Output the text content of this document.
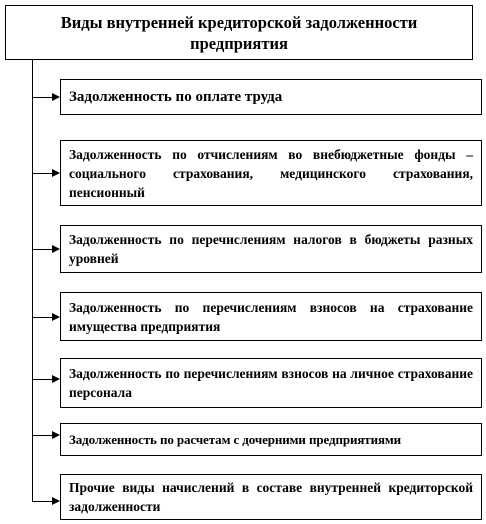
Виды внутренней кредиторской задолженности предприятия
Задолженность по оплате труда
Задолженность по отчислениям во внебюджетные фонды – социального страхования, медицинского страхования, пенсионный
Задолженность по перечислениям налогов в бюджеты разных уровней
Задолженность по перечислениям взносов на страхование имущества предприятия
Задолженность по перечислениям взносов на личное страхование персонала
Задолженность по расчетам с дочерними предприятиями
Прочие виды начислений в составе внутренней кредиторской задолженности
